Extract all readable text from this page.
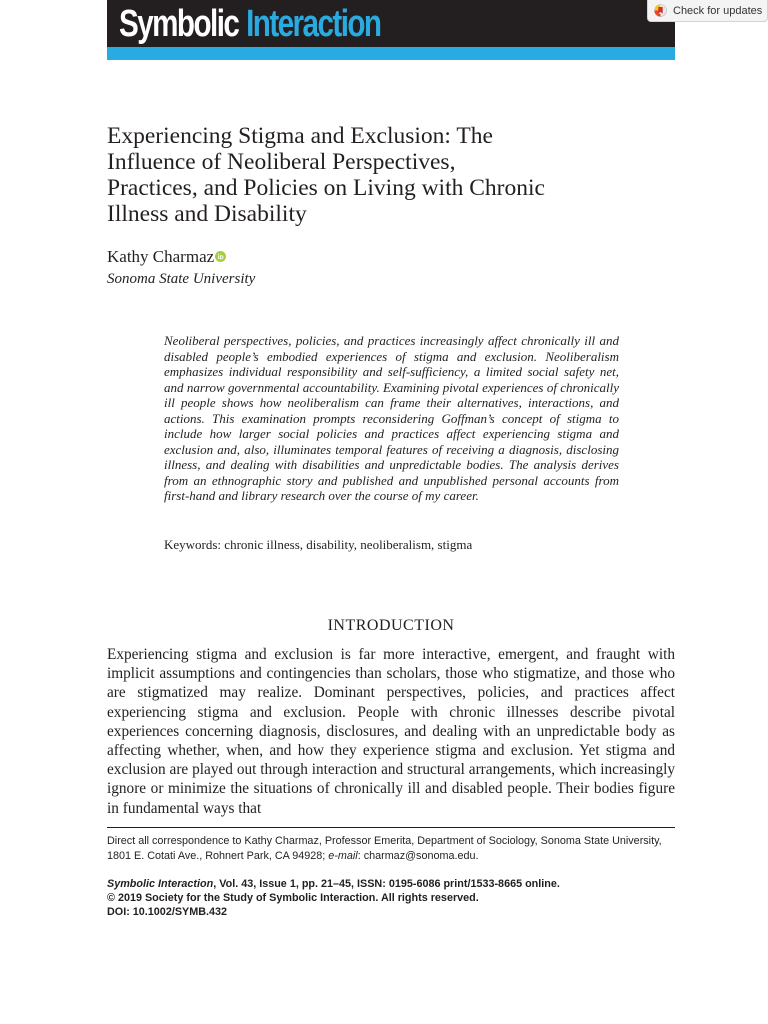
Symbolic Interaction	Check for updates
Experiencing Stigma and Exclusion: The
Influence of Neoliberal Perspectives,
Practices, and Policies on Living with Chronic
Illness and Disability
Kathy Charmaz
Sonoma State University

Neoliberal perspectives, policies, and practices increasingly affect chronically ill and disabled people’s embodied experiences of stigma and exclusion. Neoliberalism emphasizes individual responsibility and self-sufficiency, a limited social safety net, and narrow governmental accountability. Examining pivotal experiences of chronically ill people shows how neoliberalism can frame their alternatives, interactions, and actions. This examination prompts reconsidering Goffman’s concept of stigma to include how larger social policies and practices affect experiencing stigma and exclusion and, also, illuminates temporal features of receiving a diagnosis, disclosing illness, and dealing with disabilities and unpredictable bodies. The analysis derives from an ethnographic story and published and unpublished personal accounts from first-hand and library research over the course of my career.

Keywords: chronic illness, disability, neoliberalism, stigma
INTRODUCTION

Experiencing stigma and exclusion is far more interactive, emergent, and fraught with implicit assumptions and contingencies than scholars, those who stigmatize, and those who are stigmatized may realize. Dominant perspectives, policies, and practices affect experiencing stigma and exclusion. People with chronic illnesses describe pivotal experiences concerning diagnosis, disclosures, and dealing with an unpredictable body as affecting whether, when, and how they experience stigma and exclusion. Yet stigma and exclusion are played out through interaction and structural arrangements, which increasingly ignore or minimize the situations of chronically ill and disabled people. Their bodies figure in fundamental ways that

Direct all correspondence to Kathy Charmaz, Professor Emerita, Department of Sociology, Sonoma State University, 1801 E. Cotati Ave., Rohnert Park, CA 94928; e-mail: charmaz@sonoma.edu.

Symbolic Interaction, Vol. 43, Issue 1, pp. 21–45, ISSN: 0195-6086 print/1533-8665 online.
© 2019 Society for the Study of Symbolic Interaction. All rights reserved.
DOI: 10.1002/SYMB.432
